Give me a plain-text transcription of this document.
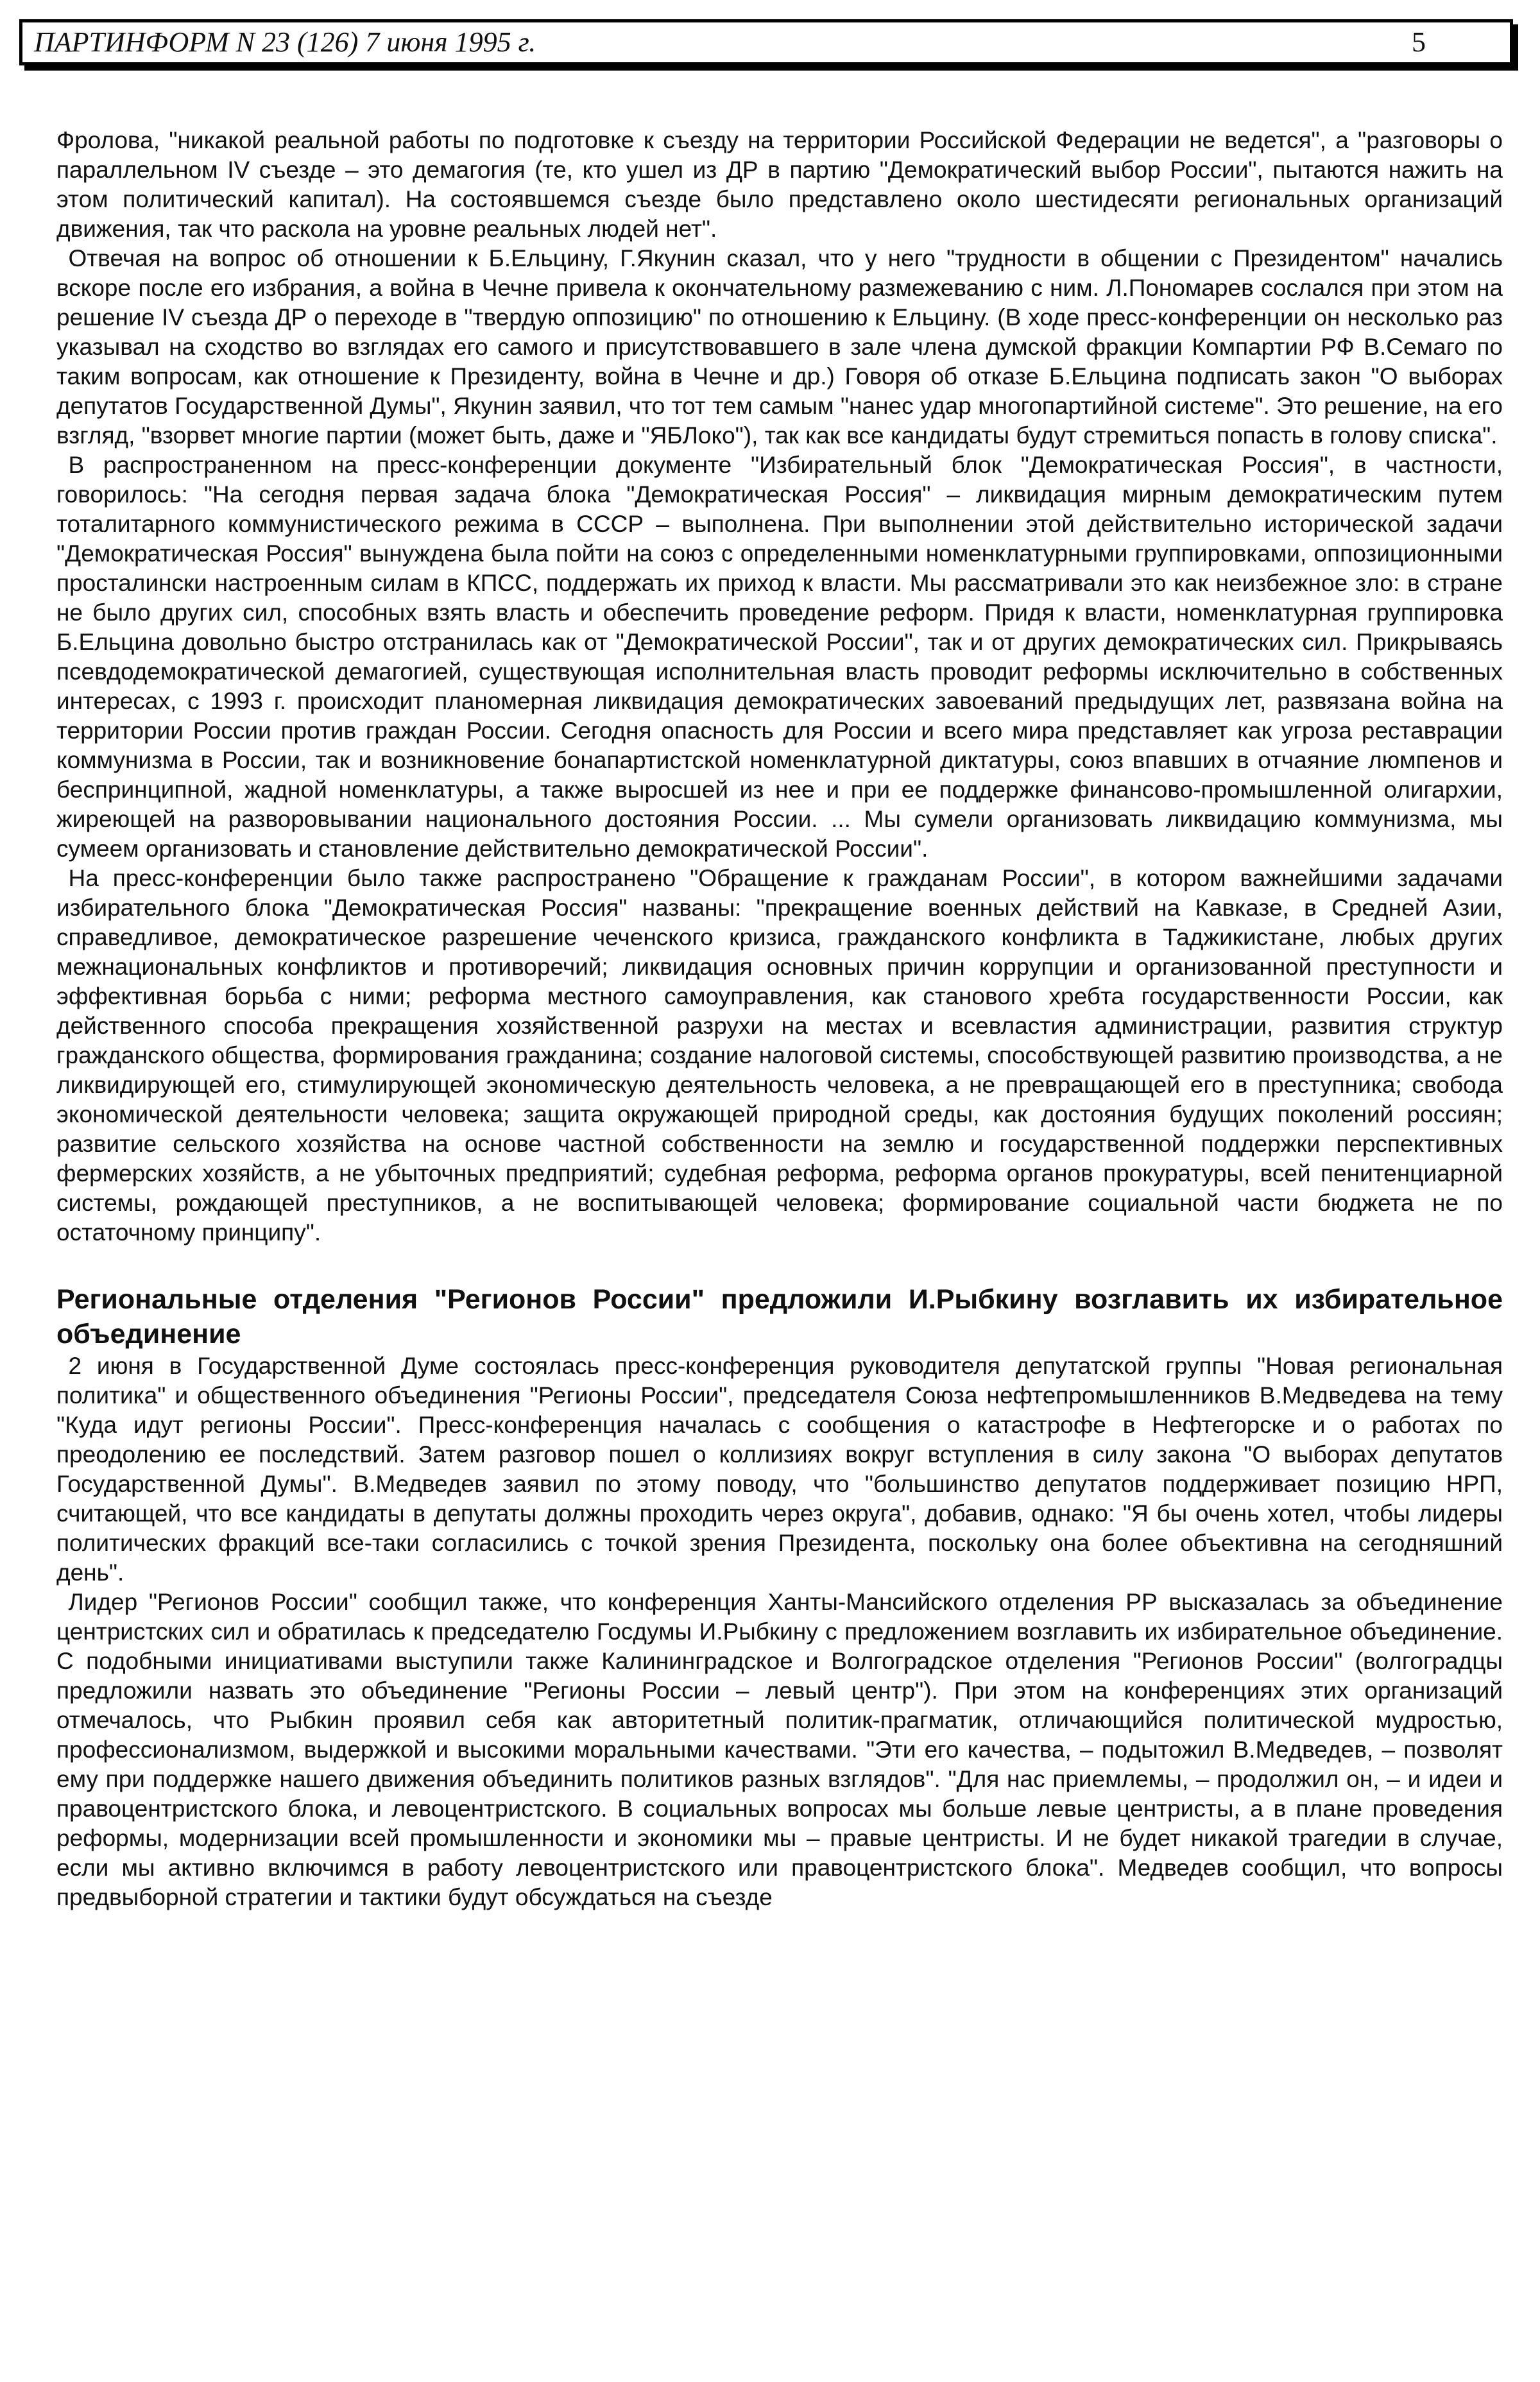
ПАРТИНФОРМ N 23 (126) 7 июня 1995 г.	5

Фролова, "никакой реальной работы по подготовке к съезду на территории Российской Федерации не ведется", а "разговоры о параллельном IV съезде – это демагогия (те, кто ушел из ДР в партию "Демократический выбор России", пытаются нажить на этом политический капитал). На состоявшемся съезде было представлено около шестидесяти региональных организаций движения, так что раскола на уровне реальных людей нет".

Отвечая на вопрос об отношении к Б.Ельцину, Г.Якунин сказал, что у него "трудности в общении с Президентом" начались вскоре после его избрания, а война в Чечне привела к окончательному размежеванию с ним. Л.Пономарев сослался при этом на решение IV съезда ДР о переходе в "твердую оппозицию" по отношению к Ельцину. (В ходе пресс-конференции он несколько раз указывал на сходство во взглядах его самого и присутствовавшего в зале члена думской фракции Компартии РФ В.Семаго по таким вопросам, как отношение к Президенту, война в Чечне и др.) Говоря об отказе Б.Ельцина подписать закон "О выборах депутатов Государственной Думы", Якунин заявил, что тот тем самым "нанес удар многопартийной системе". Это решение, на его взгляд, "взорвет многие партии (может быть, даже и "ЯБЛоко"), так как все кандидаты будут стремиться попасть в голову списка".

В распространенном на пресс-конференции документе "Избирательный блок "Демократическая Россия", в частности, говорилось: "На сегодня первая задача блока "Демократическая Россия" – ликвидация мирным демократическим путем тоталитарного коммунистического режима в СССР – выполнена. При выполнении этой действительно исторической задачи "Демократическая Россия" вынуждена была пойти на союз с определенными номенклатурными группировками, оппозиционными просталински настроенным силам в КПСС, поддержать их приход к власти. Мы рассматривали это как неизбежное зло: в стране не было других сил, способных взять власть и обеспечить проведение реформ. Придя к власти, номенклатурная группировка Б.Ельцина довольно быстро отстранилась как от "Демократической России", так и от других демократических сил. Прикрываясь псевдодемократической демагогией, существующая исполнительная власть проводит реформы исключительно в собственных интересах, с 1993 г. происходит планомерная ликвидация демократических завоеваний предыдущих лет, развязана война на территории России против граждан России. Сегодня опасность для России и всего мира представляет как угроза реставрации коммунизма в России, так и возникновение бонапартистской номенклатурной диктатуры, союз впавших в отчаяние люмпенов и беспринципной, жадной номенклатуры, а также выросшей из нее и при ее поддержке финансово-промышленной олигархии, жиреющей на разворовывании национального достояния России. ... Мы сумели организовать ликвидацию коммунизма, мы сумеем организовать и становление действительно демократической России".

На пресс-конференции было также распространено "Обращение к гражданам России", в котором важнейшими задачами избирательного блока "Демократическая Россия" названы: "прекращение военных действий на Кавказе, в Средней Азии, справедливое, демократическое разрешение чеченского кризиса, гражданского конфликта в Таджикистане, любых других межнациональных конфликтов и противоречий; ликвидация основных причин коррупции и организованной преступности и эффективная борьба с ними; реформа местного самоуправления, как станового хребта государственности России, как действенного способа прекращения хозяйственной разрухи на местах и всевластия администрации, развития структур гражданского общества, формирования гражданина; создание налоговой системы, способствующей развитию производства, а не ликвидирующей его, стимулирующей экономическую деятельность человека, а не превращающей его в преступника; свобода экономической деятельности человека; защита окружающей природной среды, как достояния будущих поколений россиян; развитие сельского хозяйства на основе частной собственности на землю и государственной поддержки перспективных фермерских хозяйств, а не убыточных предприятий; судебная реформа, реформа органов прокуратуры, всей пенитенциарной системы, рождающей преступников, а не воспитывающей человека; формирование социальной части бюджета не по остаточному принципу".

Региональные отделения "Регионов России" предложили И.Рыбкину возглавить их избирательное объединение

2 июня в Государственной Думе состоялась пресс-конференция руководителя депутатской группы "Новая региональная политика" и общественного объединения "Регионы России", председателя Союза нефтепромышленников В.Медведева на тему "Куда идут регионы России". Пресс-конференция началась с сообщения о катастрофе в Нефтегорске и о работах по преодолению ее последствий. Затем разговор пошел о коллизиях вокруг вступления в силу закона "О выборах депутатов Государственной Думы". В.Медведев заявил по этому поводу, что "большинство депутатов поддерживает позицию НРП, считающей, что все кандидаты в депутаты должны проходить через округа", добавив, однако: "Я бы очень хотел, чтобы лидеры политических фракций все-таки согласились с точкой зрения Президента, поскольку она более объективна на сегодняшний день".

Лидер "Регионов России" сообщил также, что конференция Ханты-Мансийского отделения РР высказалась за объединение центристских сил и обратилась к председателю Госдумы И.Рыбкину с предложением возглавить их избирательное объединение. С подобными инициативами выступили также Калининградское и Волгоградское отделения "Регионов России" (волгоградцы предложили назвать это объединение "Регионы России – левый центр"). При этом на конференциях этих организаций отмечалось, что Рыбкин проявил себя как авторитетный политик-прагматик, отличающийся политической мудростью, профессионализмом, выдержкой и высокими моральными качествами. "Эти его качества, – подытожил В.Медведев, – позволят ему при поддержке нашего движения объединить политиков разных взглядов". "Для нас приемлемы, – продолжил он, – и идеи и правоцентристского блока, и левоцентристского. В социальных вопросах мы больше левые центристы, а в плане проведения реформы, модернизации всей промышленности и экономики мы – правые центристы. И не будет никакой трагедии в случае, если мы активно включимся в работу левоцентристского или правоцентристского блока". Медведев сообщил, что вопросы предвыборной стратегии и тактики будут обсуждаться на съезде
